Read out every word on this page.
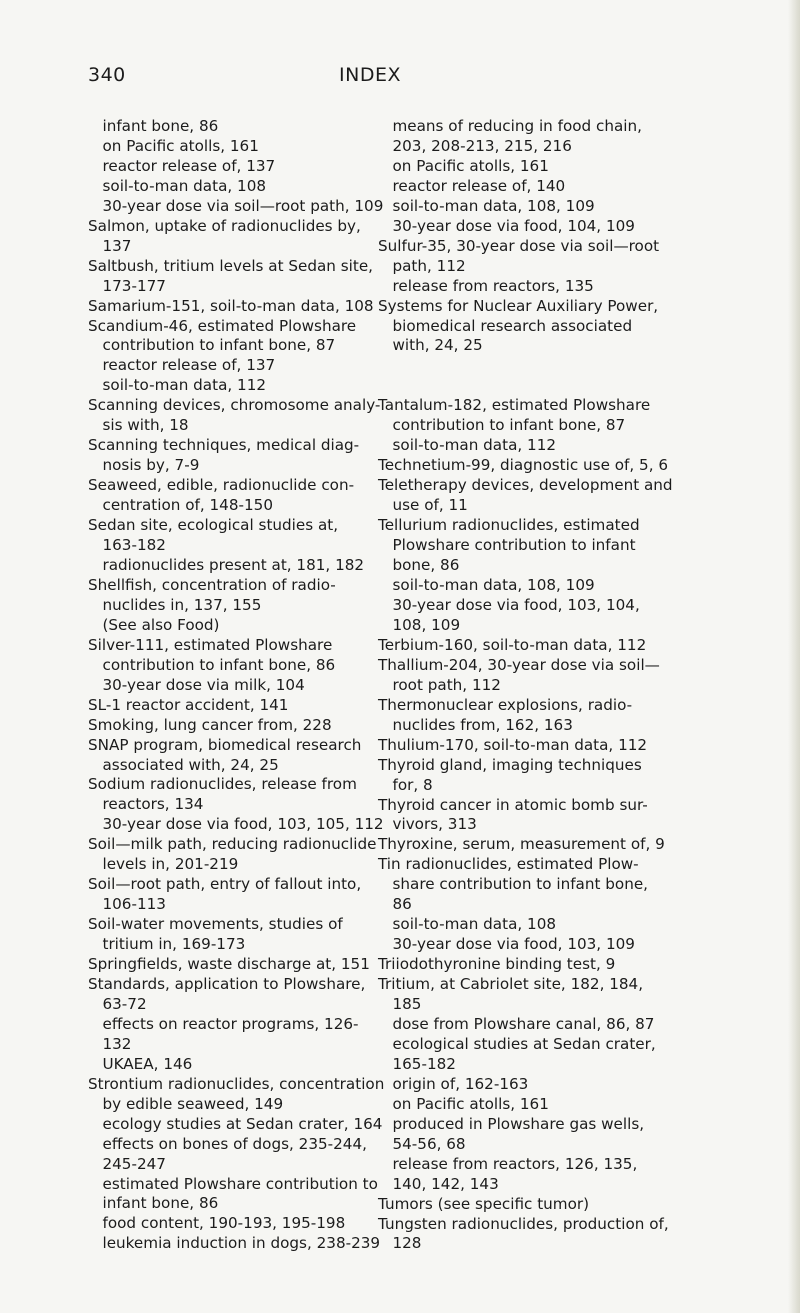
340	INDEX
infant bone, 86
on Pacific atolls, 161
reactor release of, 137
soil-to-man data, 108
30-year dose via soil—root path, 109
Salmon, uptake of radionuclides by,
137
Saltbush, tritium levels at Sedan site,
173-177
Samarium-151, soil-to-man data, 108
Scandium-46, estimated Plowshare
contribution to infant bone, 87
reactor release of, 137
soil-to-man data, 112
Scanning devices, chromosome analy-
sis with, 18
Scanning techniques, medical diag-
nosis by, 7-9
Seaweed, edible, radionuclide con-
centration of, 148-150
Sedan site, ecological studies at,
163-182
radionuclides present at, 181, 182
Shellfish, concentration of radio-
nuclides in, 137, 155
(See also Food)
Silver-111, estimated Plowshare
contribution to infant bone, 86
30-year dose via milk, 104
SL-1 reactor accident, 141
Smoking, lung cancer from, 228
SNAP program, biomedical research
associated with, 24, 25
Sodium radionuclides, release from
reactors, 134
30-year dose via food, 103, 105, 112
Soil—milk path, reducing radionuclide
levels in, 201-219
Soil—root path, entry of fallout into,
106-113
Soil-water movements, studies of
tritium in, 169-173
Springfields, waste discharge at, 151
Standards, application to Plowshare,
63-72
effects on reactor programs, 126-
132
UKAEA, 146
Strontium radionuclides, concentration
by edible seaweed, 149
ecology studies at Sedan crater, 164
effects on bones of dogs, 235-244,
245-247
estimated Plowshare contribution to
infant bone, 86
food content, 190-193, 195-198
leukemia induction in dogs, 238-239
means of reducing in food chain,
203, 208-213, 215, 216
on Pacific atolls, 161
reactor release of, 140
soil-to-man data, 108, 109
30-year dose via food, 104, 109
Sulfur-35, 30-year dose via soil—root
path, 112
release from reactors, 135
Systems for Nuclear Auxiliary Power,
biomedical research associated
with, 24, 25
Tantalum-182, estimated Plowshare
contribution to infant bone, 87
soil-to-man data, 112
Technetium-99, diagnostic use of, 5, 6
Teletherapy devices, development and
use of, 11
Tellurium radionuclides, estimated
Plowshare contribution to infant
bone, 86
soil-to-man data, 108, 109
30-year dose via food, 103, 104,
108, 109
Terbium-160, soil-to-man data, 112
Thallium-204, 30-year dose via soil—
root path, 112
Thermonuclear explosions, radio-
nuclides from, 162, 163
Thulium-170, soil-to-man data, 112
Thyroid gland, imaging techniques
for, 8
Thyroid cancer in atomic bomb sur-
vivors, 313
Thyroxine, serum, measurement of, 9
Tin radionuclides, estimated Plow-
share contribution to infant bone,
86
soil-to-man data, 108
30-year dose via food, 103, 109
Triiodothyronine binding test, 9
Tritium, at Cabriolet site, 182, 184,
185
dose from Plowshare canal, 86, 87
ecological studies at Sedan crater,
165-182
origin of, 162-163
on Pacific atolls, 161
produced in Plowshare gas wells,
54-56, 68
release from reactors, 126, 135,
140, 142, 143
Tumors (see specific tumor)
Tungsten radionuclides, production of,
128
